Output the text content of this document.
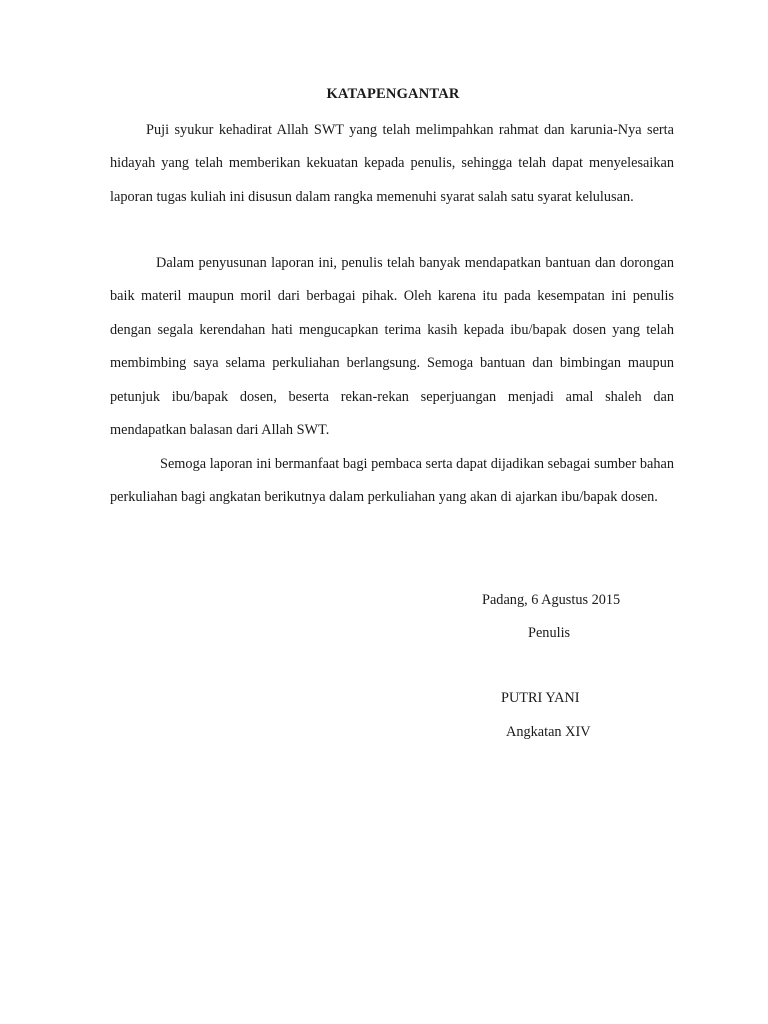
KATAPENGANTAR

Puji syukur kehadirat Allah SWT yang telah melimpahkan rahmat dan karunia-Nya serta hidayah yang telah memberikan kekuatan kepada penulis, sehingga telah dapat menyelesaikan laporan tugas kuliah ini disusun dalam rangka memenuhi syarat salah satu syarat kelulusan.

Dalam penyusunan laporan ini, penulis telah banyak mendapatkan bantuan dan dorongan baik materil maupun moril dari berbagai pihak. Oleh karena itu pada kesempatan ini penulis dengan segala kerendahan hati mengucapkan terima kasih kepada ibu/bapak dosen yang telah membimbing saya selama perkuliahan berlangsung. Semoga bantuan dan bimbingan maupun petunjuk ibu/bapak dosen, beserta rekan-rekan seperjuangan menjadi amal shaleh dan mendapatkan balasan dari Allah SWT.

Semoga laporan ini bermanfaat bagi pembaca serta dapat dijadikan sebagai sumber bahan perkuliahan bagi angkatan berikutnya dalam perkuliahan yang akan di ajarkan ibu/bapak dosen.

Padang, 6 Agustus 2015
Penulis
PUTRI YANI
Angkatan XIV
